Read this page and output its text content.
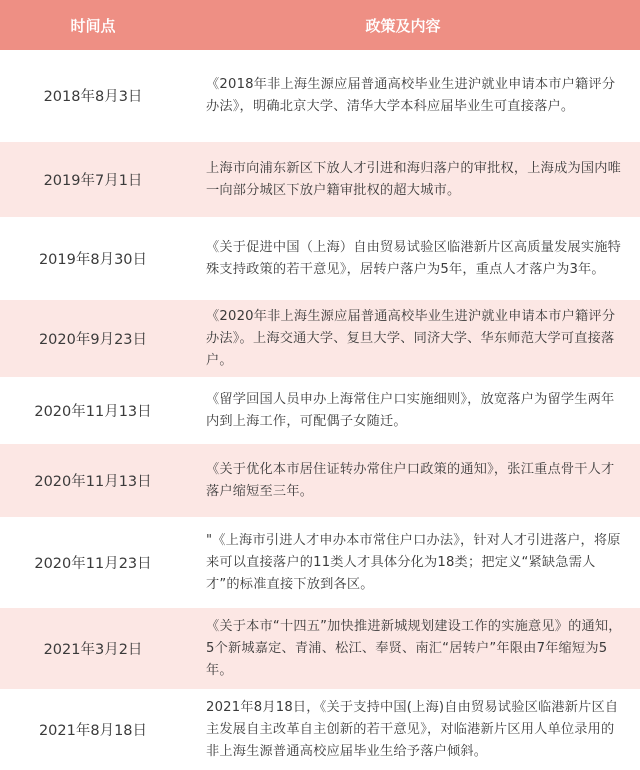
时间点	政策及内容
2018年8月3日
《2018年非上海生源应届普通高校毕业生进沪就业申请本市户籍评分办法》，明确北京大学、清华大学本科应届毕业生可直接落户。
2019年7月1日
上海市向浦东新区下放人才引进和海归落户的审批权，上海成为国内唯一向部分城区下放户籍审批权的超大城市。
2019年8月30日
《关于促进中国（上海）自由贸易试验区临港新片区高质量发展实施特殊支持政策的若干意见》，居转户落户为5年，重点人才落户为3年。
2020年9月23日
《2020年非上海生源应届普通高校毕业生进沪就业申请本市户籍评分办法》。上海交通大学、复旦大学、同济大学、华东师范大学可直接落户。
2020年11月13日
《留学回国人员申办上海常住户口实施细则》，放宽落户为留学生两年内到上海工作，可配偶子女随迁。
2020年11月13日
《关于优化本市居住证转办常住户口政策的通知》，张江重点骨干人才落户缩短至三年。
2020年11月23日
"《上海市引进人才申办本市常住户口办法》，针对人才引进落户，将原来可以直接落户的11类人才具体分化为18类；把定义“紧缺急需人才”的标准直接下放到各区。
2021年3月2日
《关于本市“十四五”加快推进新城规划建设工作的实施意见》的通知，5个新城嘉定、青浦、松江、奉贤、南汇“居转户”年限由7年缩短为5年。
2021年8月18日
2021年8月18日，《关于支持中国(上海)自由贸易试验区临港新片区自主发展自主改革自主创新的若干意见》，对临港新片区用人单位录用的非上海生源普通高校应届毕业生给予落户倾斜。
